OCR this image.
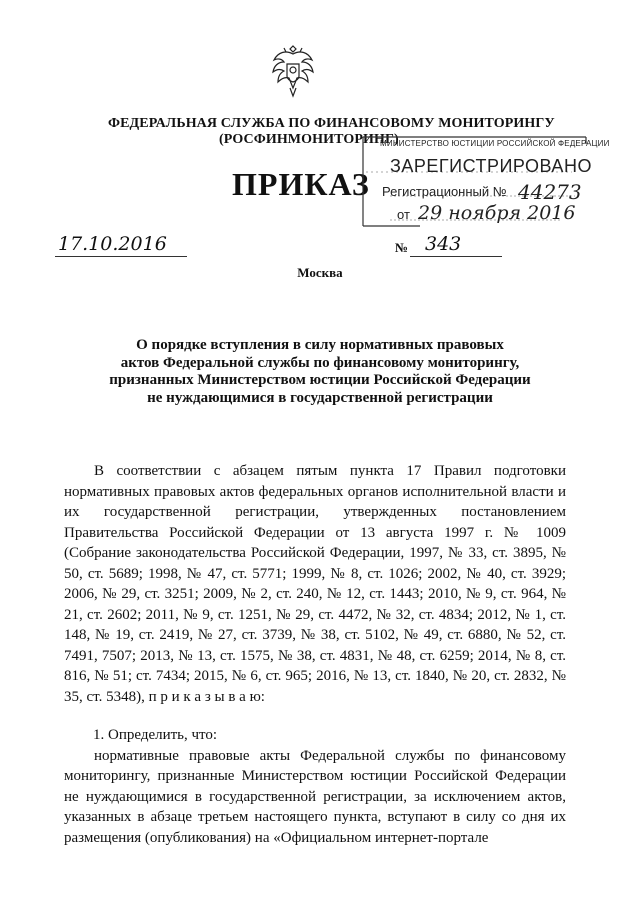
ФЕДЕРАЛЬНАЯ СЛУЖБА ПО ФИНАНСОВОМУ МОНИТОРИНГУ
(РОСФИНМОНИТОРИНГ)
ПРИКАЗ
МИНИСТЕРСТВО ЮСТИЦИИ РОССИЙСКОЙ ФЕДЕРАЦИИ
ЗАРЕГИСТРИРОВАНО
Регистрационный № 44273
от 29 ноября 2016
17.10.2016	№ 343
Москва
О порядке вступления в силу нормативных правовых
актов Федеральной службы по финансовому мониторингу,
признанных Министерством юстиции Российской Федерации
не нуждающимися в государственной регистрации

В соответствии с абзацем пятым пункта 17 Правил подготовки нормативных правовых актов федеральных органов исполнительной власти и их государственной регистрации, утвержденных постановлением Правительства Российской Федерации от 13 августа 1997 г. № 1009 (Собрание законодательства Российской Федерации, 1997, № 33, ст. 3895, № 50, ст. 5689; 1998, № 47, ст. 5771; 1999, № 8, ст. 1026; 2002, № 40, ст. 3929; 2006, № 29, ст. 3251; 2009, № 2, ст. 240, № 12, ст. 1443; 2010, № 9, ст. 964, № 21, ст. 2602; 2011, № 9, ст. 1251, № 29, ст. 4472, № 32, ст. 4834; 2012, № 1, ст. 148, № 19, ст. 2419, № 27, ст. 3739, № 38, ст. 5102, № 49, ст. 6880, № 52, ст. 7491, 7507; 2013, № 13, ст. 1575, № 38, ст. 4831, № 48, ст. 6259; 2014, № 8, ст. 816, № 51; ст. 7434; 2015, № 6, ст. 965; 2016, № 13, ст. 1840, № 20, ст. 2832, № 35, ст. 5348), п р и к а з ы в а ю:

1. Определить, что:

нормативные правовые акты Федеральной службы по финансовому мониторингу, признанные Министерством юстиции Российской Федерации не нуждающимися в государственной регистрации, за исключением актов, указанных в абзаце третьем настоящего пункта, вступают в силу со дня их размещения (опубликования) на «Официальном интернет-портале
